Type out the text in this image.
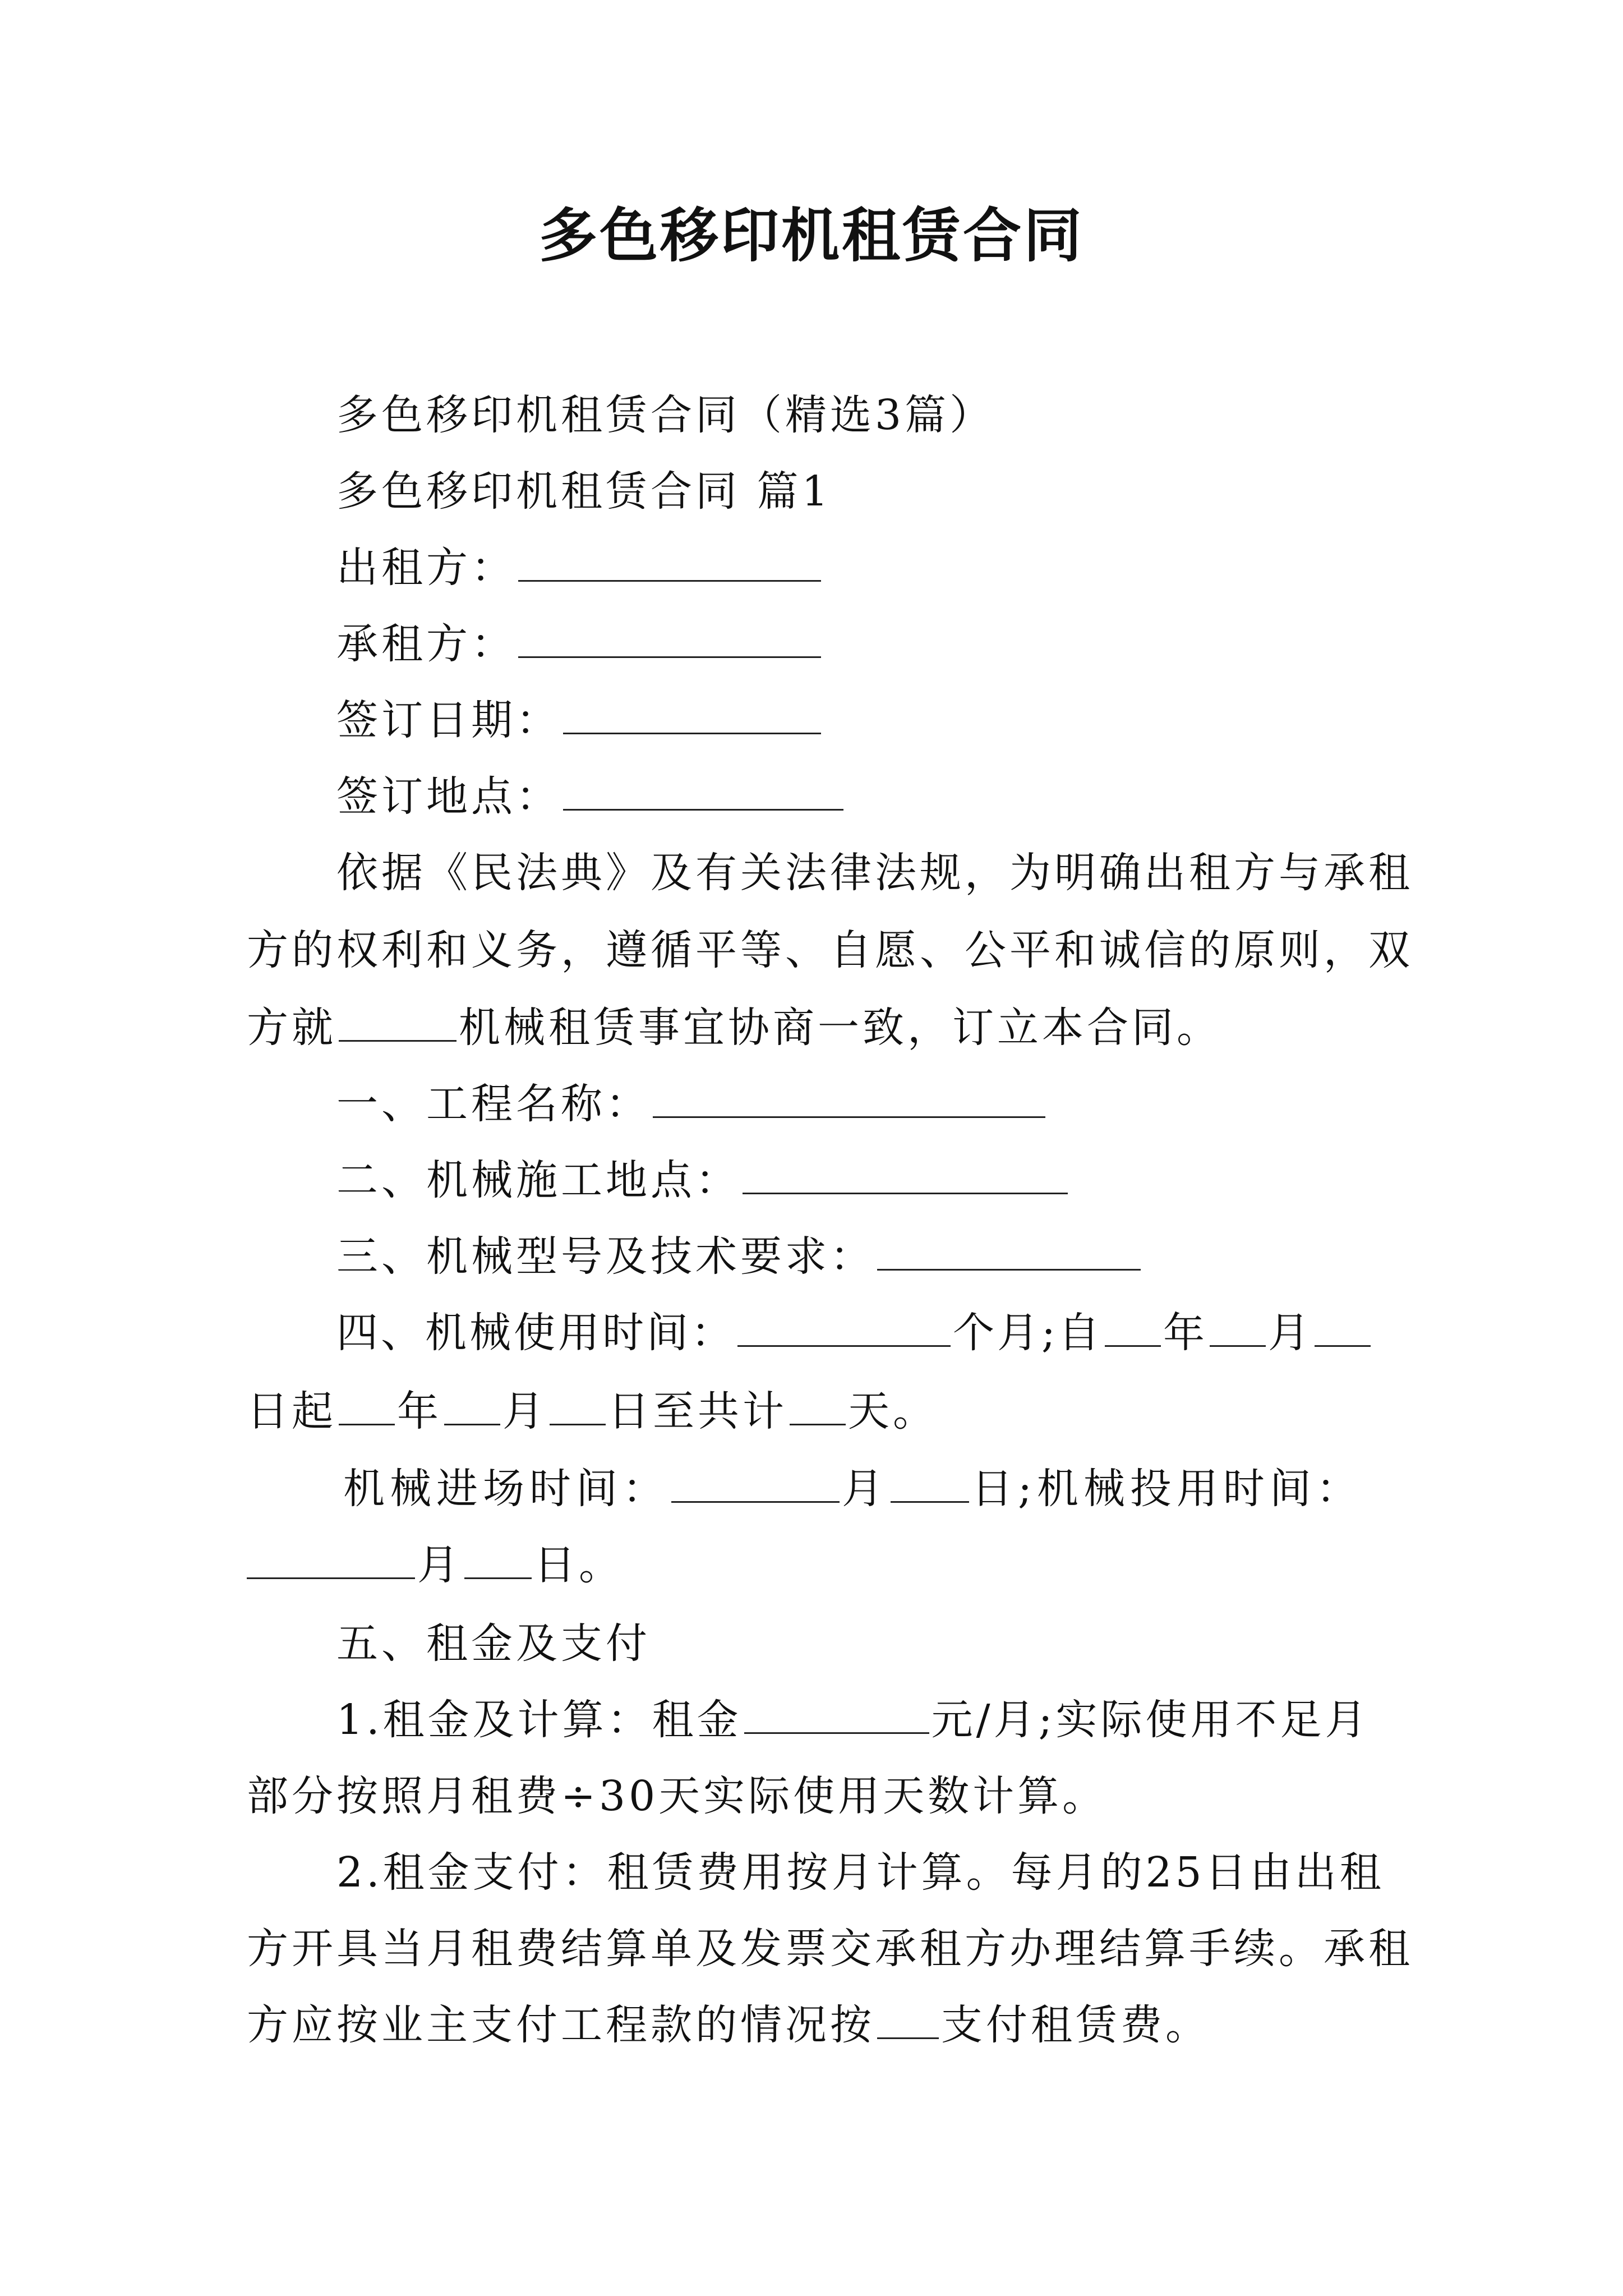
多色移印机租赁合同
多色移印机租赁合同（精选3篇）
多色移印机租赁合同 篇1
出租方：
承租方：
签订日期：
签订地点：
依据《民法典》及有关法律法规，为明确出租方与承租
方的权利和义务，遵循平等、自愿、公平和诚信的原则，双
方就	机械租赁事宜协商一致，订立本合同。
一、工程名称：
二、机械施工地点：
三、机械型号及技术要求：
四、机械使用时间：	个月;自 年 月
日起 年 月 日至共计 天。
机械进场时间：	月 日;机械投用时间：
月 日。
五、租金及支付
1.租金及计算：租金	元/月;实际使用不足月
部分按照月租费÷30天实际使用天数计算。
2.租金支付：租赁费用按月计算。每月的25日由出租
方开具当月租费结算单及发票交承租方办理结算手续。承租
方应按业主支付工程款的情况按 支付租赁费。
